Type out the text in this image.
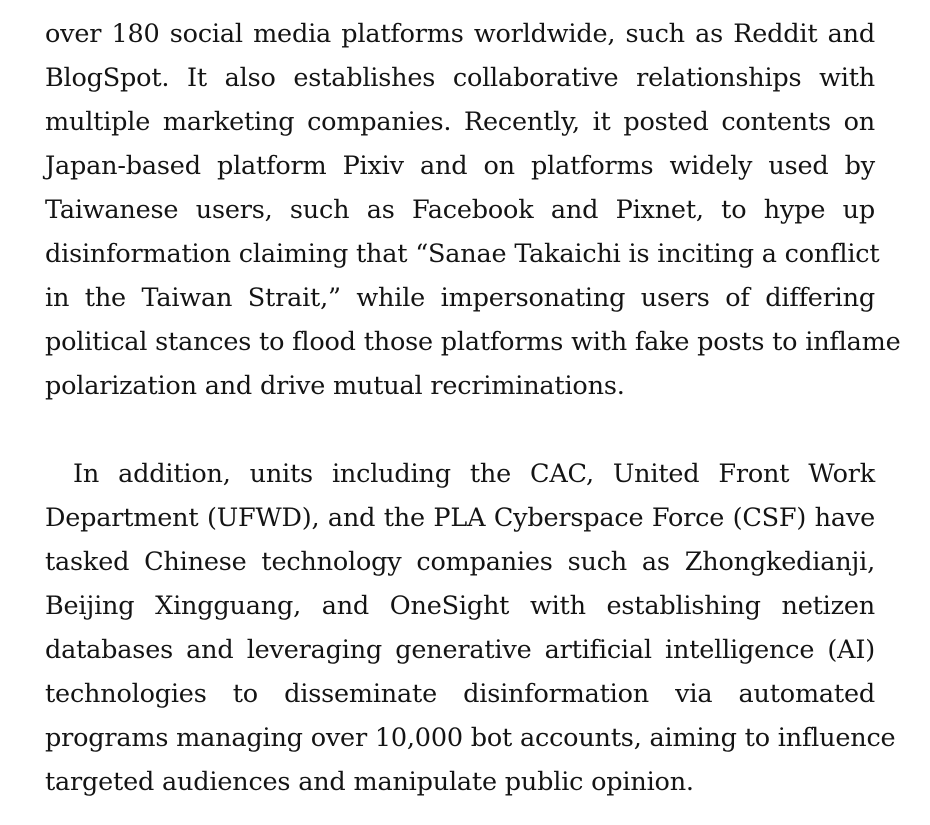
over 180 social media platforms worldwide, such as Reddit and
BlogSpot. It also establishes collaborative relationships with
multiple marketing companies. Recently, it posted contents on
Japan-based platform Pixiv and on platforms widely used by
Taiwanese users, such as Facebook and Pixnet, to hype up
disinformation claiming that “Sanae Takaichi is inciting a conflict
in the Taiwan Strait,” while impersonating users of differing
political stances to flood those platforms with fake posts to inflame
polarization and drive mutual recriminations.
In addition, units including the CAC, United Front Work
Department (UFWD), and the PLA Cyberspace Force (CSF) have
tasked Chinese technology companies such as Zhongkedianji,
Beijing Xingguang, and OneSight with establishing netizen
databases and leveraging generative artificial intelligence (AI)
technologies to disseminate disinformation via automated
programs managing over 10,000 bot accounts, aiming to influence
targeted audiences and manipulate public opinion.
